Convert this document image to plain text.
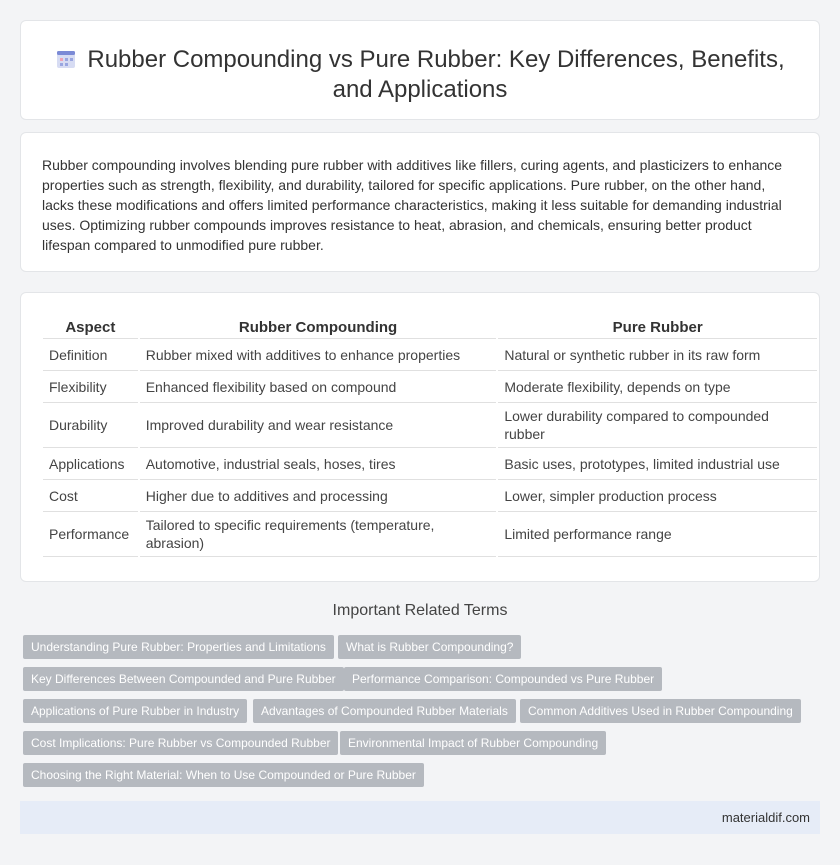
Rubber Compounding vs Pure Rubber: Key Differences, Benefits,
and Applications
Rubber compounding involves blending pure rubber with additives like fillers, curing agents, and plasticizers to enhance properties such as strength, flexibility, and durability, tailored for specific applications. Pure rubber, on the other hand, lacks these modifications and offers limited performance characteristics, making it less suitable for demanding industrial uses. Optimizing rubber compounds improves resistance to heat, abrasion, and chemicals, ensuring better product lifespan compared to unmodified pure rubber.
Aspect	Rubber Compounding	Pure Rubber
Definition	Rubber mixed with additives to enhance properties	Natural or synthetic rubber in its raw form
Flexibility	Enhanced flexibility based on compound	Moderate flexibility, depends on type
Durability	Improved durability and wear resistance	Lower durability compared to compounded rubber
Applications	Automotive, industrial seals, hoses, tires	Basic uses, prototypes, limited industrial use
Cost	Higher due to additives and processing	Lower, simpler production process
Performance	Tailored to specific requirements (temperature, abrasion)	Limited performance range
Important Related Terms
Understanding Pure Rubber: Properties and Limitations	What is Rubber Compounding?
Key Differences Between Compounded and Pure Rubber	Performance Comparison: Compounded vs Pure Rubber
Applications of Pure Rubber in Industry	Advantages of Compounded Rubber Materials	Common Additives Used in Rubber Compounding
Cost Implications: Pure Rubber vs Compounded Rubber	Environmental Impact of Rubber Compounding
Choosing the Right Material: When to Use Compounded or Pure Rubber
materialdif.com
